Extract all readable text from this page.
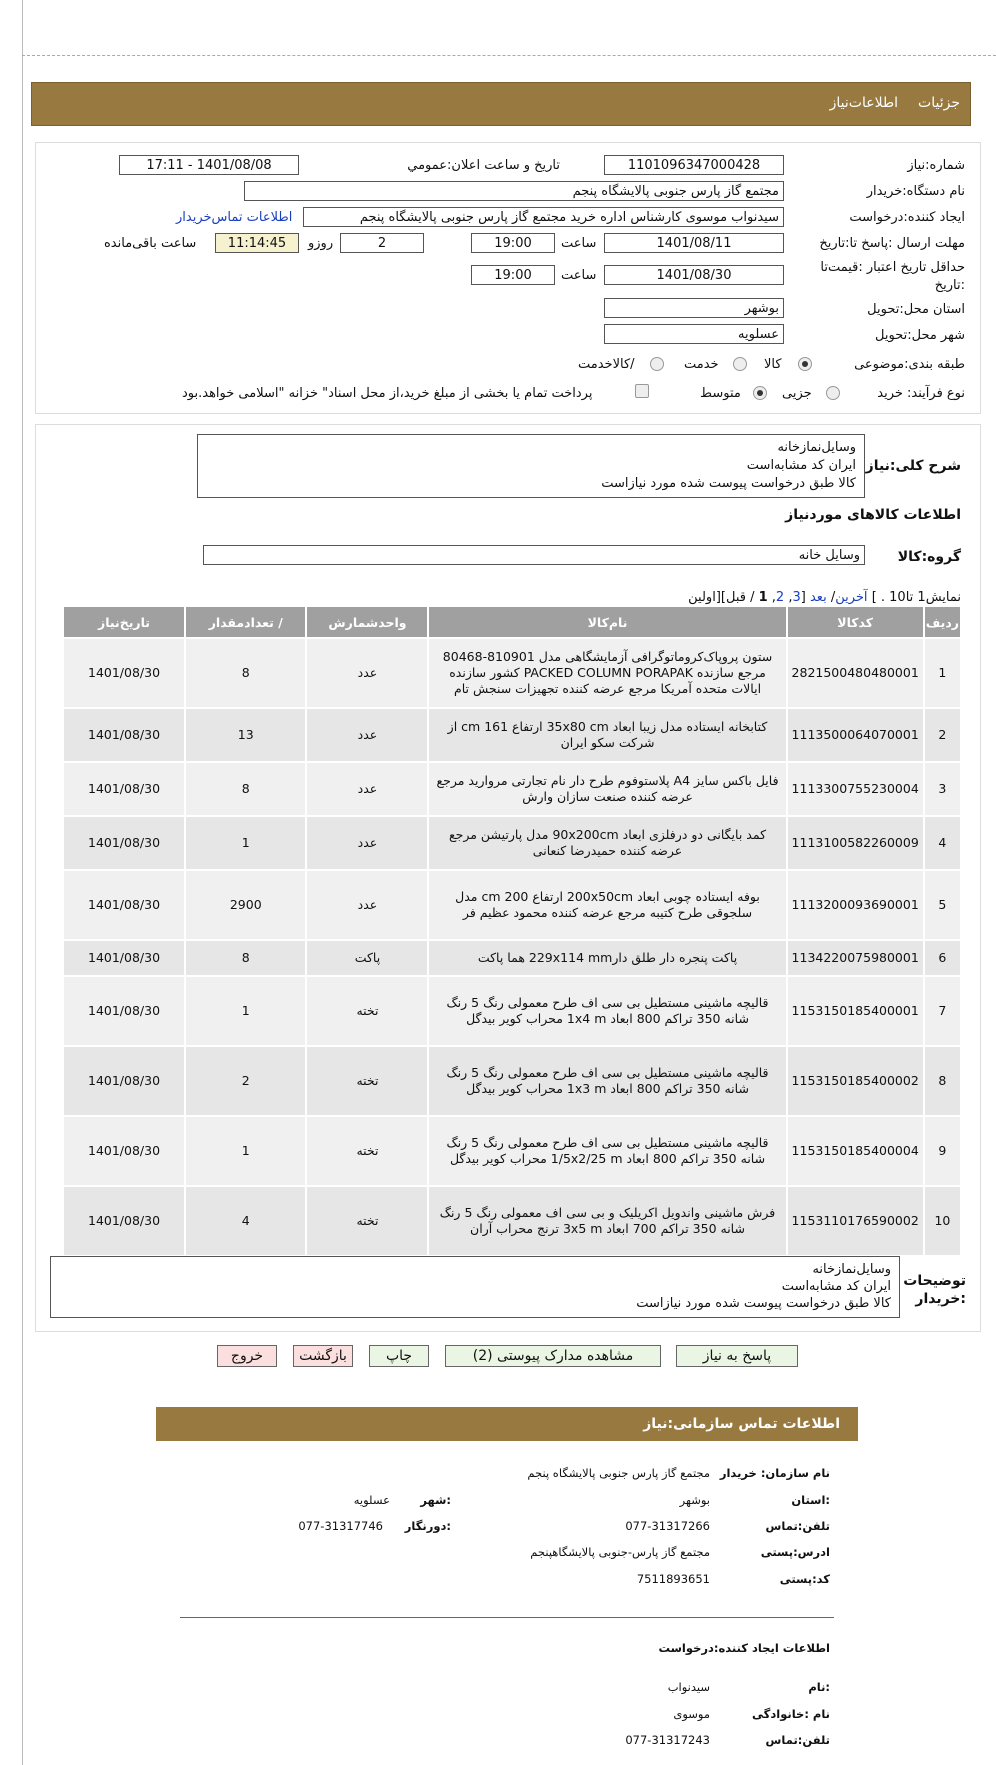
جزئیات
اطلاعات‌نیاز
شماره:نیاز
1101096347000428
تاریخ و ساعت اعلان:عمومي
1401/08/08 - 17:11
نام دستگاه:خریدار
مجتمع گاز پارس جنوبی پالایشگاه پنجم
ایجاد کننده:درخواست
سیدنواب موسوی کارشناس اداره خرید مجتمع گاز پارس جنوبی پالایشگاه پنجم
اطلاعات تماس‌خریدار
مهلت ارسال :پاسخ تا:تاریخ
1401/08/11
ساعت
19:00
2
روزو
11:14:45
ساعت باقی‌مانده
حداقل تاریخ اعتبار :قیمت‌تا
:تاریخ
1401/08/30
ساعت
19:00
استان محل:تحویل
بوشهر
شهر محل:تحویل
عسلویه
طبقه بندی:موضوعی
کالا
خدمت
/کالاخدمت
نوع فرآیند: خرید
جزیی
متوسط
پرداخت تمام یا بخشی از مبلغ خرید،از محل اسناد" خزانه "اسلامی خواهد.بود
شرح کلی:نیاز
وسایل‌نمازخانه
ایران کد مشابه‌است
کالا طبق درخواست پیوست شده مورد نیازاست
اطلاعات کالاهای موردنیاز
گروه:کالا
وسایل خانه
نمایش1 تا10 . ] آخرین/ بعد [3, 2, 1 / قبل][اولین
ردیف	کدکالا	نام‌کالا	واحدشمارش	/ تعدادمقدار	تاریخ‌نیاز
1	2821500480480001	ستون پروپاک‌کروماتوگرافی آزمایشگاهی مدل 810901-80468 مرجع سازنده PACKED COLUMN PORAPAK کشور سازنده ایالات متحده آمریکا مرجع عرضه کننده تجهیزات سنجش تام	عدد	8	1401/08/30
2	1113500064070001	کتابخانه ایستاده مدل زیبا ابعاد 35x80 cm ارتفاع 161 cm از شرکت سکو ایران	عدد	13	1401/08/30
3	1113300755230004	فایل باکس سایز A4 پلاستوفوم طرح دار نام تجارتی مروارید مرجع عرضه کننده صنعت سازان وارش	عدد	8	1401/08/30
4	1113100582260009	کمد بایگانی دو درفلزی ابعاد 90x200cm مدل پارتیشن مرجع عرضه کننده حمیدرضا کنعانی	عدد	1	1401/08/30
5	1113200093690001	بوفه ایستاده چوبی ابعاد 200x50cm ارتفاع 200 cm مدل سلجوقی طرح کتیبه مرجع عرضه کننده محمود عظیم فر	عدد	2900	1401/08/30
6	1134220075980001	پاکت پنجره دار طلق دار229x114 mm هما پاکت	پاکت	8	1401/08/30
7	1153150185400001	قالیچه ماشینی مستطیل بی سی اف طرح معمولی رنگ 5 رنگ شانه 350 تراکم 800 ابعاد 1x4 m محراب کویر بیدگل	تخته	1	1401/08/30
8	1153150185400002	قالیچه ماشینی مستطیل بی سی اف طرح معمولی رنگ 5 رنگ شانه 350 تراکم 800 ابعاد 1x3 m محراب کویر بیدگل	تخته	2	1401/08/30
9	1153150185400004	قالیچه ماشینی مستطیل بی سی اف طرح معمولی رنگ 5 رنگ شانه 350 تراکم 800 ابعاد 1/5x2/25 m محراب کویر بیدگل	تخته	1	1401/08/30
10	1153110176590002	فرش ماشینی واندویل اکریلیک و بی سی اف معمولی رنگ 5 رنگ شانه 350 تراکم 700 ابعاد 3x5 m ترنج محراب آران	تخته	4	1401/08/30
توضیحات :خریدار
وسایل‌نمازخانه
ایران کد مشابه‌است
کالا طبق درخواست پیوست شده مورد نیازاست
پاسخ به نیاز
مشاهده مدارک پیوستی (2)
چاپ
بازگشت
خروج
اطلاعات تماس سازمانی:نیاز
نام سازمان: خریدار
مجتمع گاز پارس جنوبی پالایشگاه پنجم
:استان
بوشهر
:شهر
عسلویه
تلفن:تماس
077-31317266
:دورنگار
077-31317746
ادرس:پستی
مجتمع گاز پارس-جنوبی پالایشگاهپنجم
کد:پستی
7511893651
اطلاعات ایجاد کننده:درخواست
:نام
سیدنواب
نام :خانوادگی
موسوی
تلفن:تماس
077-31317243
